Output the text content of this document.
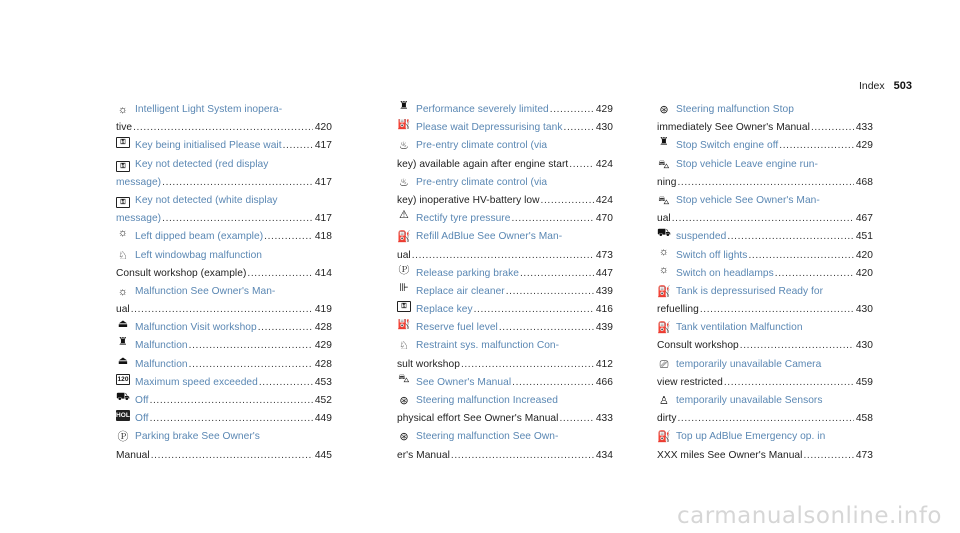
Index 503
☼ Intelligent Light System inopera-
tive .....	420
⚿ Key being initialised Please wait .....	417
⚿ Key not detected (red display
message) .....	417
⚿ Key not detected (white display
message) .....	417
☼ Left dipped beam (example) .....	418
♘ Left windowbag malfunction
Consult workshop (example) .....	414
☼ Malfunction See Owner's Man-
ual .....	419
⏏ Malfunction Visit workshop .....	428
♜ Malfunction .....	429
⏏ Malfunction .....	428
120 Maximum speed exceeded .....	453
⛟ Off .....	452
HOLD Off .....	449
Ⓟ Parking brake See Owner's
Manual .....	445
♜ Performance severely limited .....	429
⛽ Please wait Depressurising tank .....	430
♨ Pre-entry climate control (via
key) available again after engine start .....	424
♨ Pre-entry climate control (via
key) inoperative HV-battery low .....	424
⚠ Rectify tyre pressure .....	470
⛽ Refill AdBlue See Owner's Man-
ual .....	473
Ⓟ Release parking brake .....	447
⊪ Replace air cleaner .....	439
⚿ Replace key .....	416
⛽ Reserve fuel level .....	439
♘ Restraint sys. malfunction Con-
sult workshop .....	412
⛍ See Owner's Manual .....	466
⊛ Steering malfunction Increased
physical effort See Owner's Manual .....	433
⊛ Steering malfunction See Own-
er's Manual .....	434
⊛ Steering malfunction Stop
immediately See Owner's Manual .....	433
♜ Stop Switch engine off .....	429
⛍ Stop vehicle Leave engine run-
ning .....	468
⛍ Stop vehicle See Owner's Man-
ual .....	467
⛟ suspended .....	451
☼ Switch off lights .....	420
☼ Switch on headlamps .....	420
⛽ Tank is depressurised Ready for
refuelling .....	430
⛽ Tank ventilation Malfunction
Consult workshop .....	430
⎚ temporarily unavailable Camera
view restricted .....	459
♙ temporarily unavailable Sensors
dirty .....	458
⛽ Top up AdBlue Emergency op. in
XXX miles See Owner's Manual .....	473
carmanualsonline.info
